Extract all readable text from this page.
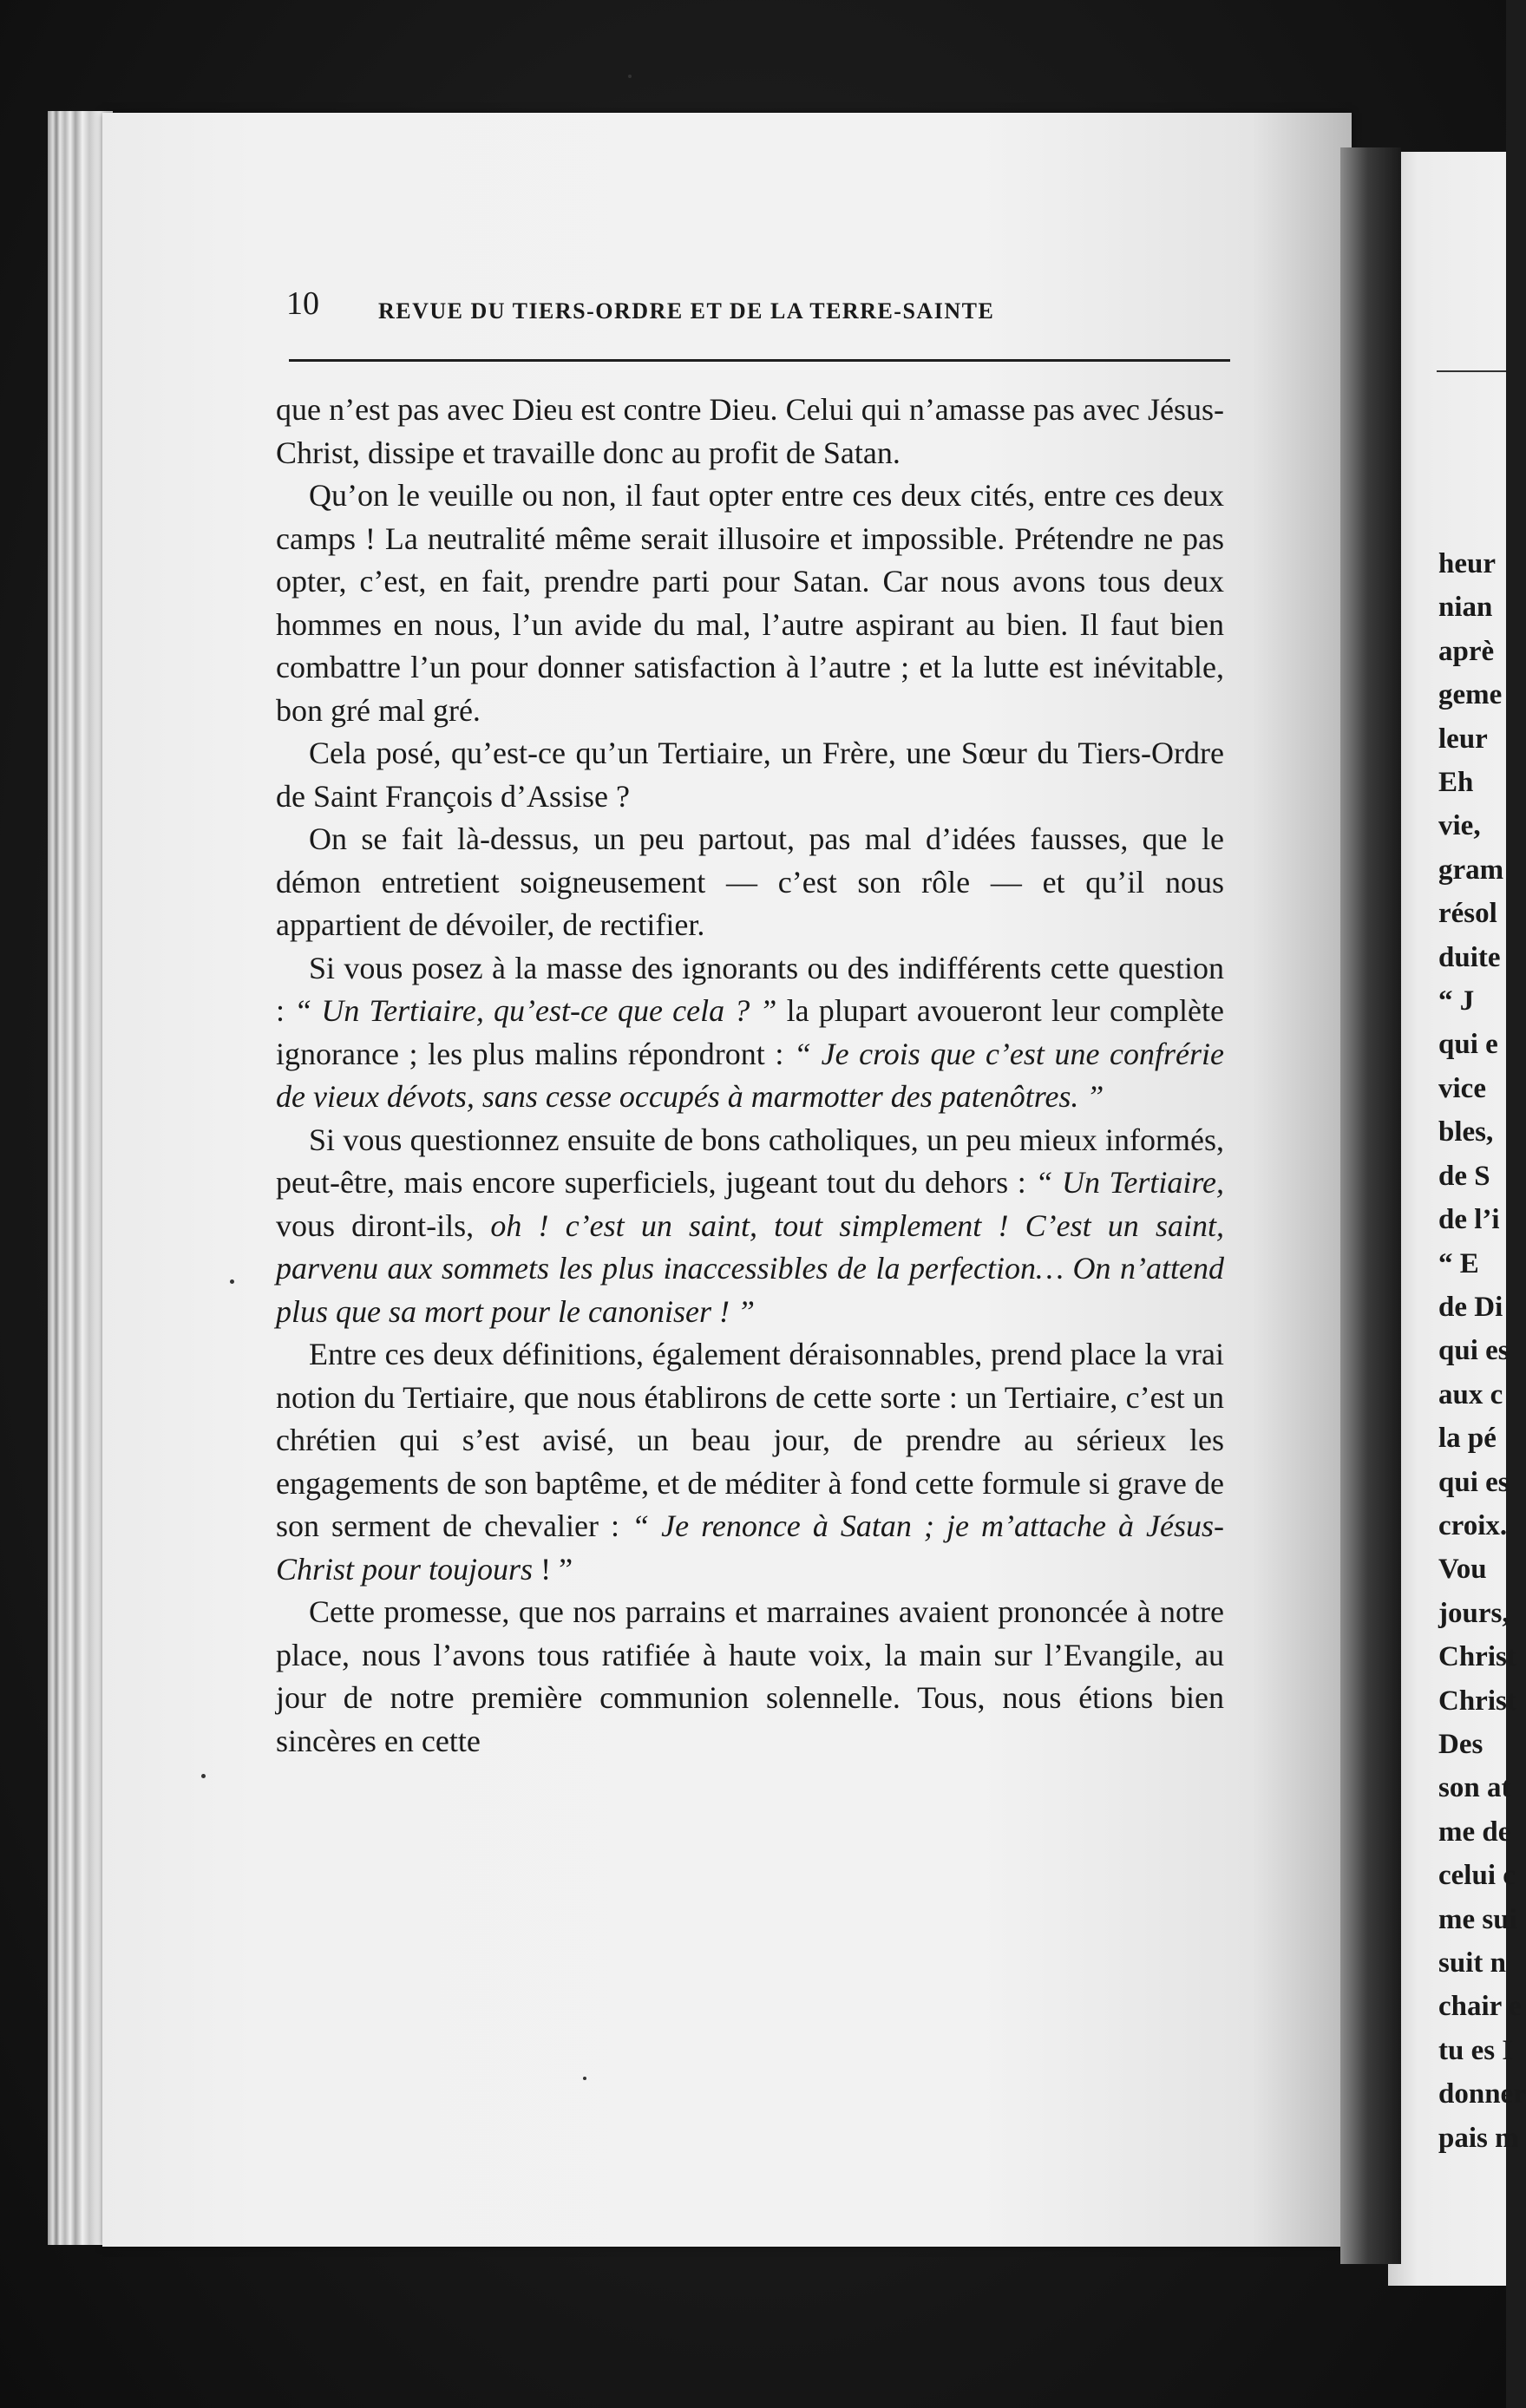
heur
nian
aprè
geme
leur
Eh
vie,
gram
résol
duite
“ J
qui e
vice
bles,
de S
de l’i
“ E
de Di
qui es
aux c
la pé
qui es
croix.
Vou
jours,
Christ
Christ
Des
son at
me de
celui c
me sui
suit n
chair e
tu es I
donner
pais m
10	REVUE DU TIERS-ORDRE ET DE LA TERRE-SAINTE

que n’est pas avec Dieu est contre Dieu. Celui qui n’amasse pas avec Jésus-Christ, dissipe et travaille donc au profit de Satan.

Qu’on le veuille ou non, il faut opter entre ces deux cités, entre ces deux camps ! La neutralité même serait illusoire et impossible. Prétendre ne pas opter, c’est, en fait, prendre parti pour Satan. Car nous avons tous deux hommes en nous, l’un avide du mal, l’autre aspirant au bien. Il faut bien combattre l’un pour donner satisfaction à l’autre ; et la lutte est inévitable, bon gré mal gré.

Cela posé, qu’est-ce qu’un Tertiaire, un Frère, une Sœur du Tiers-Ordre de Saint François d’Assise ?

On se fait là-dessus, un peu partout, pas mal d’idées fausses, que le démon entretient soigneusement — c’est son rôle — et qu’il nous appartient de dévoiler, de rectifier.

Si vous posez à la masse des ignorants ou des indifférents cette question : “ Un Tertiaire, qu’est-ce que cela ? ” la plupart avoueront leur complète ignorance ; les plus malins répondront : “ Je crois que c’est une confrérie de vieux dévots, sans cesse occupés à marmotter des patenôtres. ”

Si vous questionnez ensuite de bons catholiques, un peu mieux informés, peut-être, mais encore superficiels, jugeant tout du dehors : “ Un Tertiaire, vous diront-ils, oh ! c’est un saint, tout simplement ! C’est un saint, parvenu aux sommets les plus inaccessibles de la perfection… On n’attend plus que sa mort pour le canoniser ! ”

Entre ces deux définitions, également déraisonnables, prend place la vrai notion du Tertiaire, que nous établirons de cette sorte : un Tertiaire, c’est un chrétien qui s’est avisé, un beau jour, de prendre au sérieux les engagements de son baptême, et de méditer à fond cette formule si grave de son serment de chevalier : “ Je renonce à Satan ; je m’attache à Jésus-Christ pour toujours ! ”

Cette promesse, que nos parrains et marraines avaient prononcée à notre place, nous l’avons tous ratifiée à haute voix, la main sur l’Evangile, au jour de notre première communion solennelle. Tous, nous étions bien sincères en cette
